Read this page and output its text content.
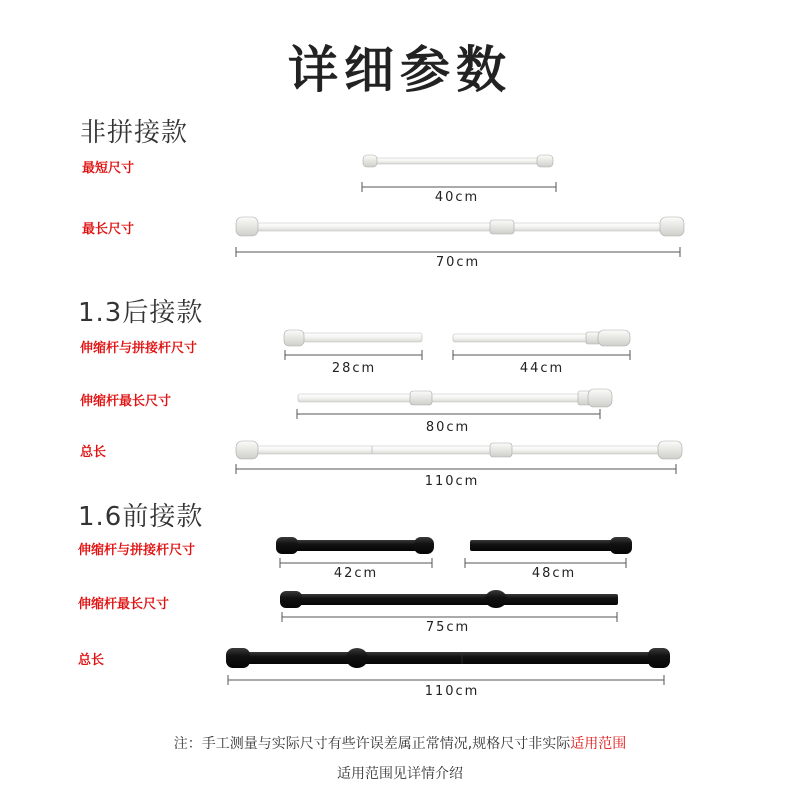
详细参数
非拼接款
1.3后接款
1.6前接款
最短尺寸
最长尺寸
伸缩杆与拼接杆尺寸
伸缩杆最长尺寸
总长
伸缩杆与拼接杆尺寸
伸缩杆最长尺寸
总长
40cm
70cm
28cm	44cm
80cm
110cm
42cm	48cm
75cm
110cm
注：手工测量与实际尺寸有些许误差属正常情况,规格尺寸非实际适用范围
适用范围见详情介绍
